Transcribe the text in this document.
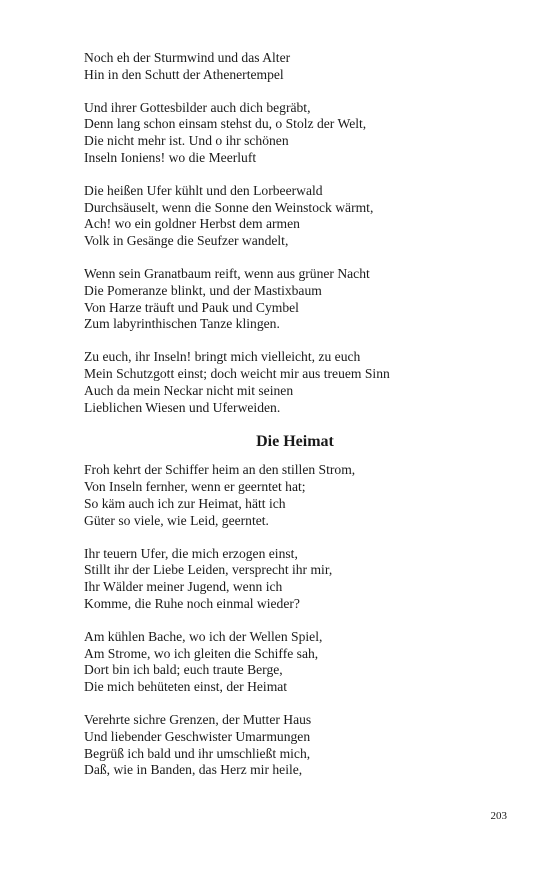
Noch eh der Sturmwind und das Alter
Hin in den Schutt der Athenertempel
Und ihrer Gottesbilder auch dich begräbt,
Denn lang schon einsam stehst du, o Stolz der Welt,
Die nicht mehr ist. Und o ihr schönen
Inseln Ioniens! wo die Meerluft
Die heißen Ufer kühlt und den Lorbeerwald
Durchsäuselt, wenn die Sonne den Weinstock wärmt,
Ach! wo ein goldner Herbst dem armen
Volk in Gesänge die Seufzer wandelt,
Wenn sein Granatbaum reift, wenn aus grüner Nacht
Die Pomeranze blinkt, und der Mastixbaum
Von Harze träuft und Pauk und Cymbel
Zum labyrinthischen Tanze klingen.
Zu euch, ihr Inseln! bringt mich vielleicht, zu euch
Mein Schutzgott einst; doch weicht mir aus treuem Sinn
Auch da mein Neckar nicht mit seinen
Lieblichen Wiesen und Uferweiden.
Die Heimat
Froh kehrt der Schiffer heim an den stillen Strom,
Von Inseln fernher, wenn er geerntet hat;
So käm auch ich zur Heimat, hätt ich
Güter so viele, wie Leid, geerntet.
Ihr teuern Ufer, die mich erzogen einst,
Stillt ihr der Liebe Leiden, versprecht ihr mir,
Ihr Wälder meiner Jugend, wenn ich
Komme, die Ruhe noch einmal wieder?
Am kühlen Bache, wo ich der Wellen Spiel,
Am Strome, wo ich gleiten die Schiffe sah,
Dort bin ich bald; euch traute Berge,
Die mich behüteten einst, der Heimat
Verehrte sichre Grenzen, der Mutter Haus
Und liebender Geschwister Umarmungen
Begrüß ich bald und ihr umschließt mich,
Daß, wie in Banden, das Herz mir heile,
203
